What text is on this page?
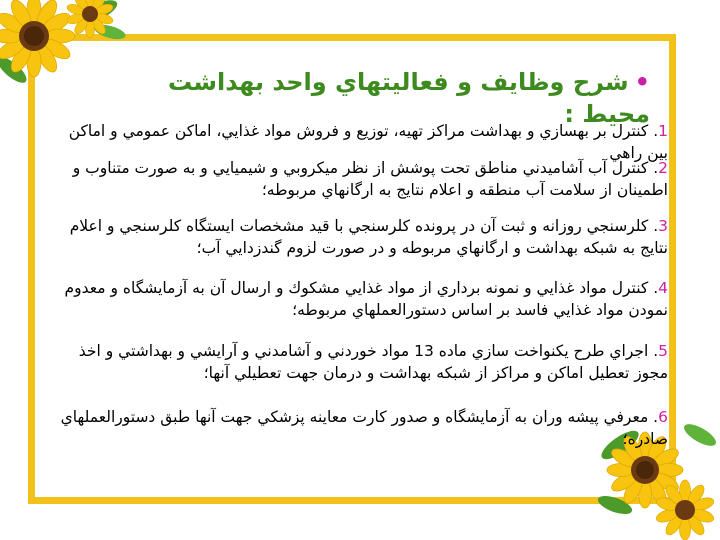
•شرح وظايف و فعاليتهاي واحد بهداشت محيط :

1. كنترل بر بهسازي و بهداشت مراكز تهيه، توزيع و فروش مواد غذايي، اماكن عمومي و اماكن بين راهي

2. كنترل آب آشاميدني مناطق تحت پوشش از نظر ميكروبي و شيميايي و به صورت متناوب و اطمينان از سلامت آب منطقه و اعلام نتايج به ارگانهاي مربوطه؛

3. كلرسنجي روزانه و ثبت آن در پرونده كلرسنجي با قيد مشخصات ايستگاه كلرسنجي و اعلام نتايج به شبكه بهداشت و ارگانهاي مربوطه و در صورت لزوم گندزدايي آب؛

4. كنترل مواد غذايي و نمونه برداري از مواد غذايي مشكوك و ارسال آن به آزمايشگاه و معدوم نمودن مواد غذايي فاسد بر اساس دستورالعملهاي مربوطه؛

5. اجراي طرح يكنواخت سازي ماده 13 مواد خوردني و آشامدني و آرايشي و بهداشتي و اخذ مجوز تعطيل اماكن و مراكز از شبكه بهداشت و درمان جهت تعطيلي آنها؛

6. معرفي پيشه وران به آزمايشگاه و صدور كارت معاينه پزشكي جهت آنها طبق دستورالعملهاي صادره؛
